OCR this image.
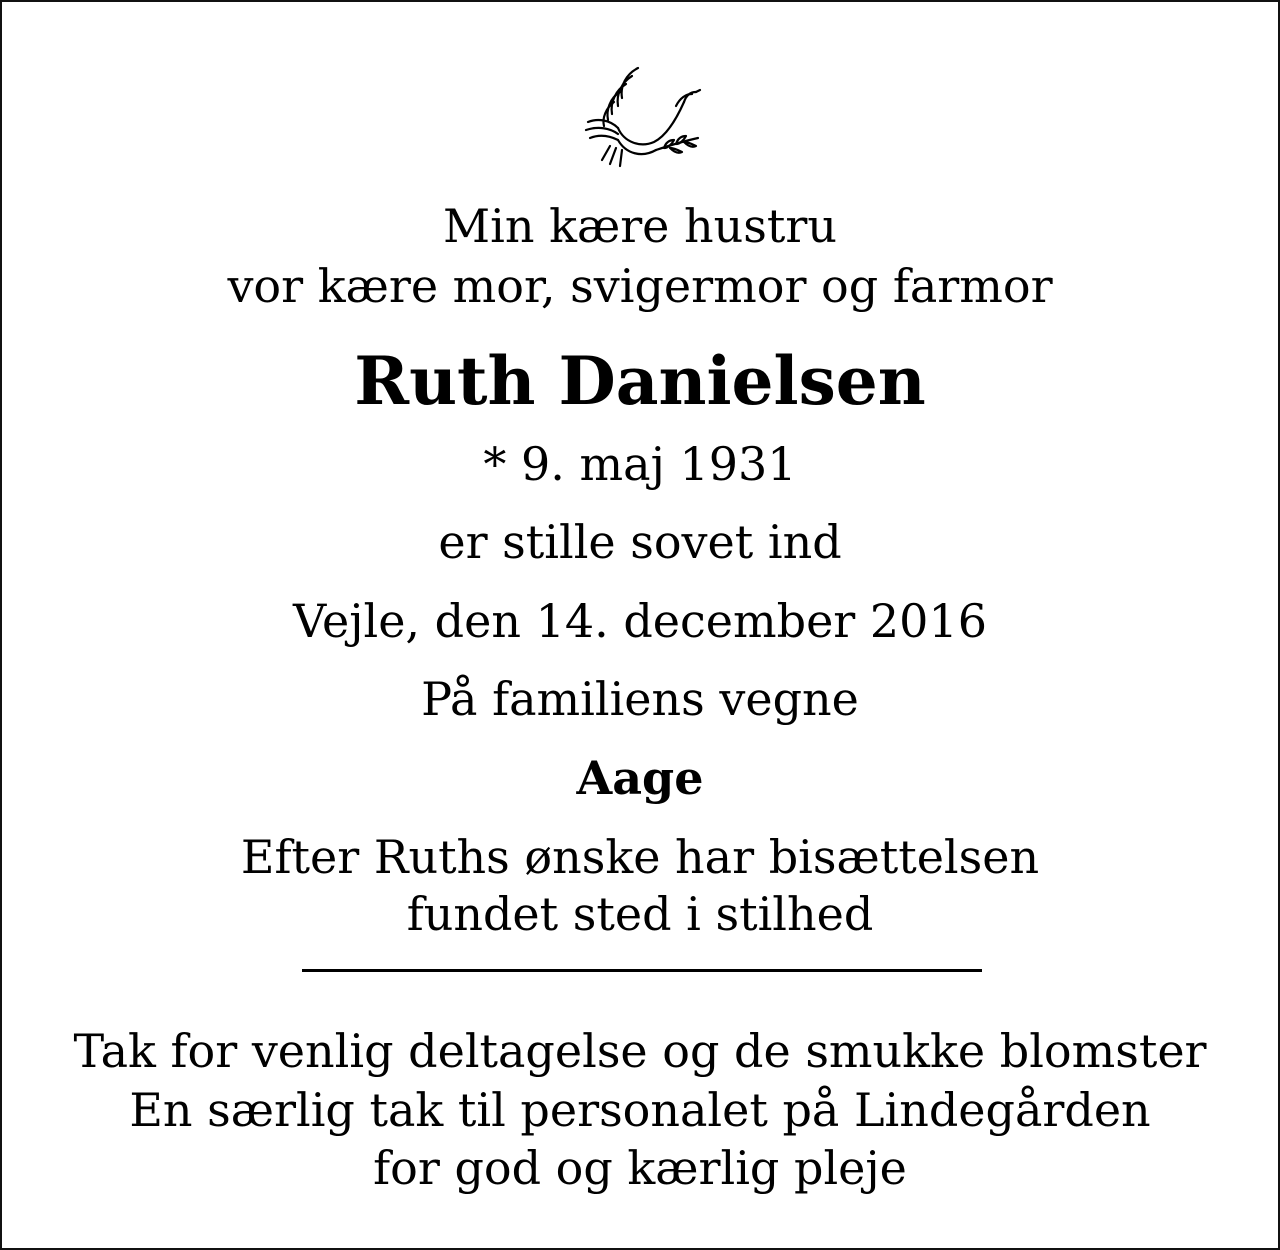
Min kære hustru
vor kære mor, svigermor og farmor
Ruth Danielsen
* 9. maj 1931
er stille sovet ind
Vejle, den 14. december 2016
På familiens vegne
Aage
Efter Ruths ønske har bisættelsen
fundet sted i stilhed
Tak for venlig deltagelse og de smukke blomster
En særlig tak til personalet på Lindegården
for god og kærlig pleje
